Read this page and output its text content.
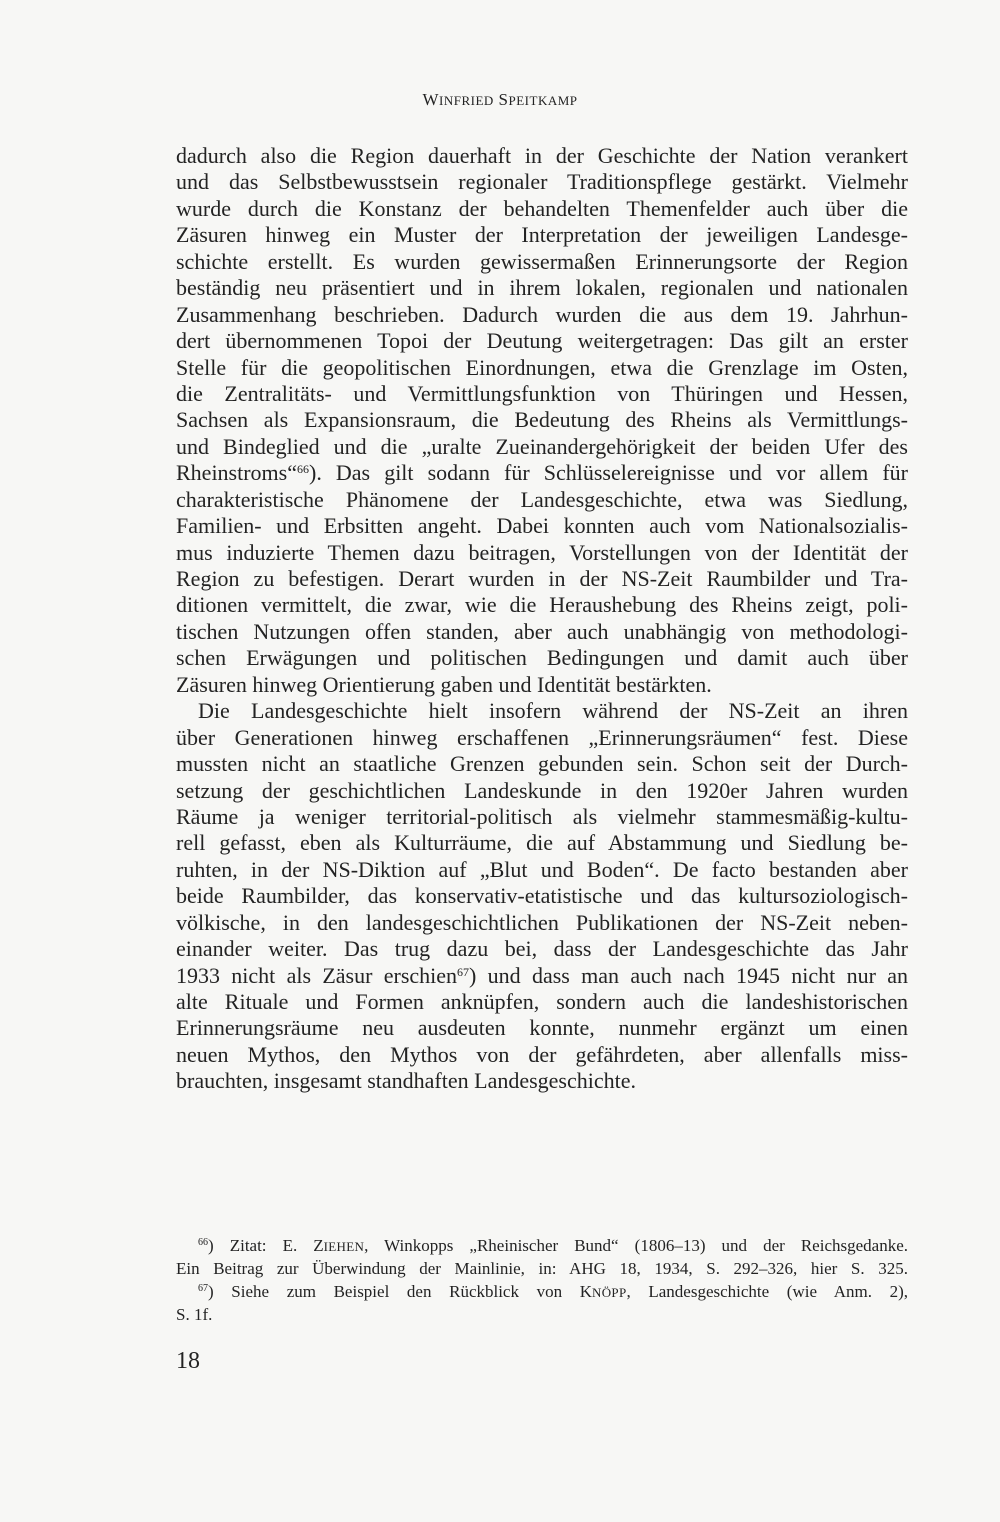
WINFRIED SPEITKAMP
dadurch also die Region dauerhaft in der Geschichte der Nation verankert
und das Selbstbewusstsein regionaler Traditionspflege gestärkt. Vielmehr
wurde durch die Konstanz der behandelten Themenfelder auch über die
Zäsuren hinweg ein Muster der Interpretation der jeweiligen Landesge-
schichte erstellt. Es wurden gewissermaßen Erinnerungsorte der Region
beständig neu präsentiert und in ihrem lokalen, regionalen und nationalen
Zusammenhang beschrieben. Dadurch wurden die aus dem 19. Jahrhun-
dert übernommenen Topoi der Deutung weitergetragen: Das gilt an erster
Stelle für die geopolitischen Einordnungen, etwa die Grenzlage im Osten,
die Zentralitäts- und Vermittlungsfunktion von Thüringen und Hessen,
Sachsen als Expansionsraum, die Bedeutung des Rheins als Vermittlungs-
und Bindeglied und die „uralte Zueinandergehörigkeit der beiden Ufer des
Rheinstroms“$^{66}$). Das gilt sodann für Schlüsselereignisse und vor allem für
charakteristische Phänomene der Landesgeschichte, etwa was Siedlung,
Familien- und Erbsitten angeht. Dabei konnten auch vom Nationalsozialis-
mus induzierte Themen dazu beitragen, Vorstellungen von der Identität der
Region zu befestigen. Derart wurden in der NS-Zeit Raumbilder und Tra-
ditionen vermittelt, die zwar, wie die Heraushebung des Rheins zeigt, poli-
tischen Nutzungen offen standen, aber auch unabhängig von methodologi-
schen Erwägungen und politischen Bedingungen und damit auch über
Zäsuren hinweg Orientierung gaben und Identität bestärkten.
Die Landesgeschichte hielt insofern während der NS-Zeit an ihren
über Generationen hinweg erschaffenen „Erinnerungsräumen“ fest. Diese
mussten nicht an staatliche Grenzen gebunden sein. Schon seit der Durch-
setzung der geschichtlichen Landeskunde in den 1920er Jahren wurden
Räume ja weniger territorial-politisch als vielmehr stammesmäßig-kultu-
rell gefasst, eben als Kulturräume, die auf Abstammung und Siedlung be-
ruhten, in der NS-Diktion auf „Blut und Boden“. De facto bestanden aber
beide Raumbilder, das konservativ-etatistische und das kultursoziologisch-
völkische, in den landesgeschichtlichen Publikationen der NS-Zeit neben-
einander weiter. Das trug dazu bei, dass der Landesgeschichte das Jahr
1933 nicht als Zäsur erschien$^{67}$) und dass man auch nach 1945 nicht nur an
alte Rituale und Formen anknüpfen, sondern auch die landeshistorischen
Erinnerungsräume neu ausdeuten konnte, nunmehr ergänzt um einen
neuen Mythos, den Mythos von der gefährdeten, aber allenfalls miss-
brauchten, insgesamt standhaften Landesgeschichte.
$^{66}$) Zitat: E. ZIEHEN, Winkopps „Rheinischer Bund“ (1806–13) und der Reichsgedanke.
Ein Beitrag zur Überwindung der Mainlinie, in: AHG 18, 1934, S. 292–326, hier S. 325.
$^{67}$) Siehe zum Beispiel den Rückblick von KNÖPP, Landesgeschichte (wie Anm. 2),
S. 1f.
18
